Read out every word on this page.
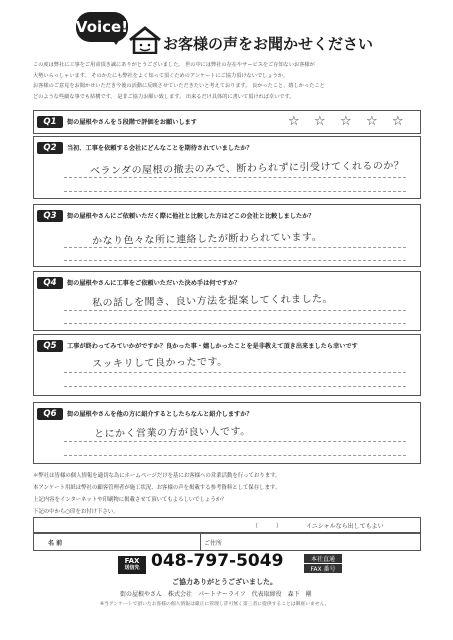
Voice!
お客様の声をお聞かせください
この度は弊社に工事をご用命頂き誠にありがとうございました。 世の中には弊社の存在やサービスをご存知ないお客様が
大勢いらっしゃいます。 そのかたにも弊社をよく知って頂くためのアンケートにご協力頂けないでしょうか。
お客様のご意見をお聞かせいただき今後の活動に反映させていただきたいと考えております。 良かったこと、嬉しかったこと
どのような些細な事でも結構です。 是非ご協力お願い致します。 出来るだけ具体的に書いて頂ければ幸いです。
Q1	街の屋根やさんを５段階で評価をお願いします	☆ ☆ ☆ ☆ ☆
Q2	当初、工事を依頼する会社にどんなことを期待されていましたか？
ベランダの屋根の撤去のみで、断わられずに引受けてくれるのか？
Q3	街の屋根やさんにご依頼いただく際に他社と比較した方はどこの会社と比較しましたか？
かなり色々な所に連絡したが断わられています。
Q4	街の屋根やさんに工事をご依頼いただいた決め手は何ですか？
私の話しを聞き、良い方法を提案してくれました。
Q5	工事が終わってみていかがですか？良かった事・嬉しかったことを是非教えて頂き出来ましたら幸いです
スッキリして良かったです。
Q6	街の屋根やさんを他の方に紹介するとしたらなんと紹介しますか？
とにかく営業の方が良い人です。
＊弊社は皆様の個人情報を適切な為にホームページだけを基にお客様への営業活動を行っております。
本アンケート用紙は弊社の顧客管理者が施工状況、お客様の声を掲載する参考資料として保存します。
上記内容をインターネットや印刷物に掲載させて頂いてもよろしいでしょうか？
下記の中から○印をお付け下さい。
（　　　）	イニシャルなら出してもよい
名 前	ご住所
FAX
送信先 048-797-5049	本社直通
FAX 番号
ご協力ありがとうございました。
街の屋根やさん　株式会社　パートナーライフ　代表取締役　森下　剛
※当アンケートで頂いたお客様の個人情報は厳正に管理し許可無く第三者に提供することは御座いません。
